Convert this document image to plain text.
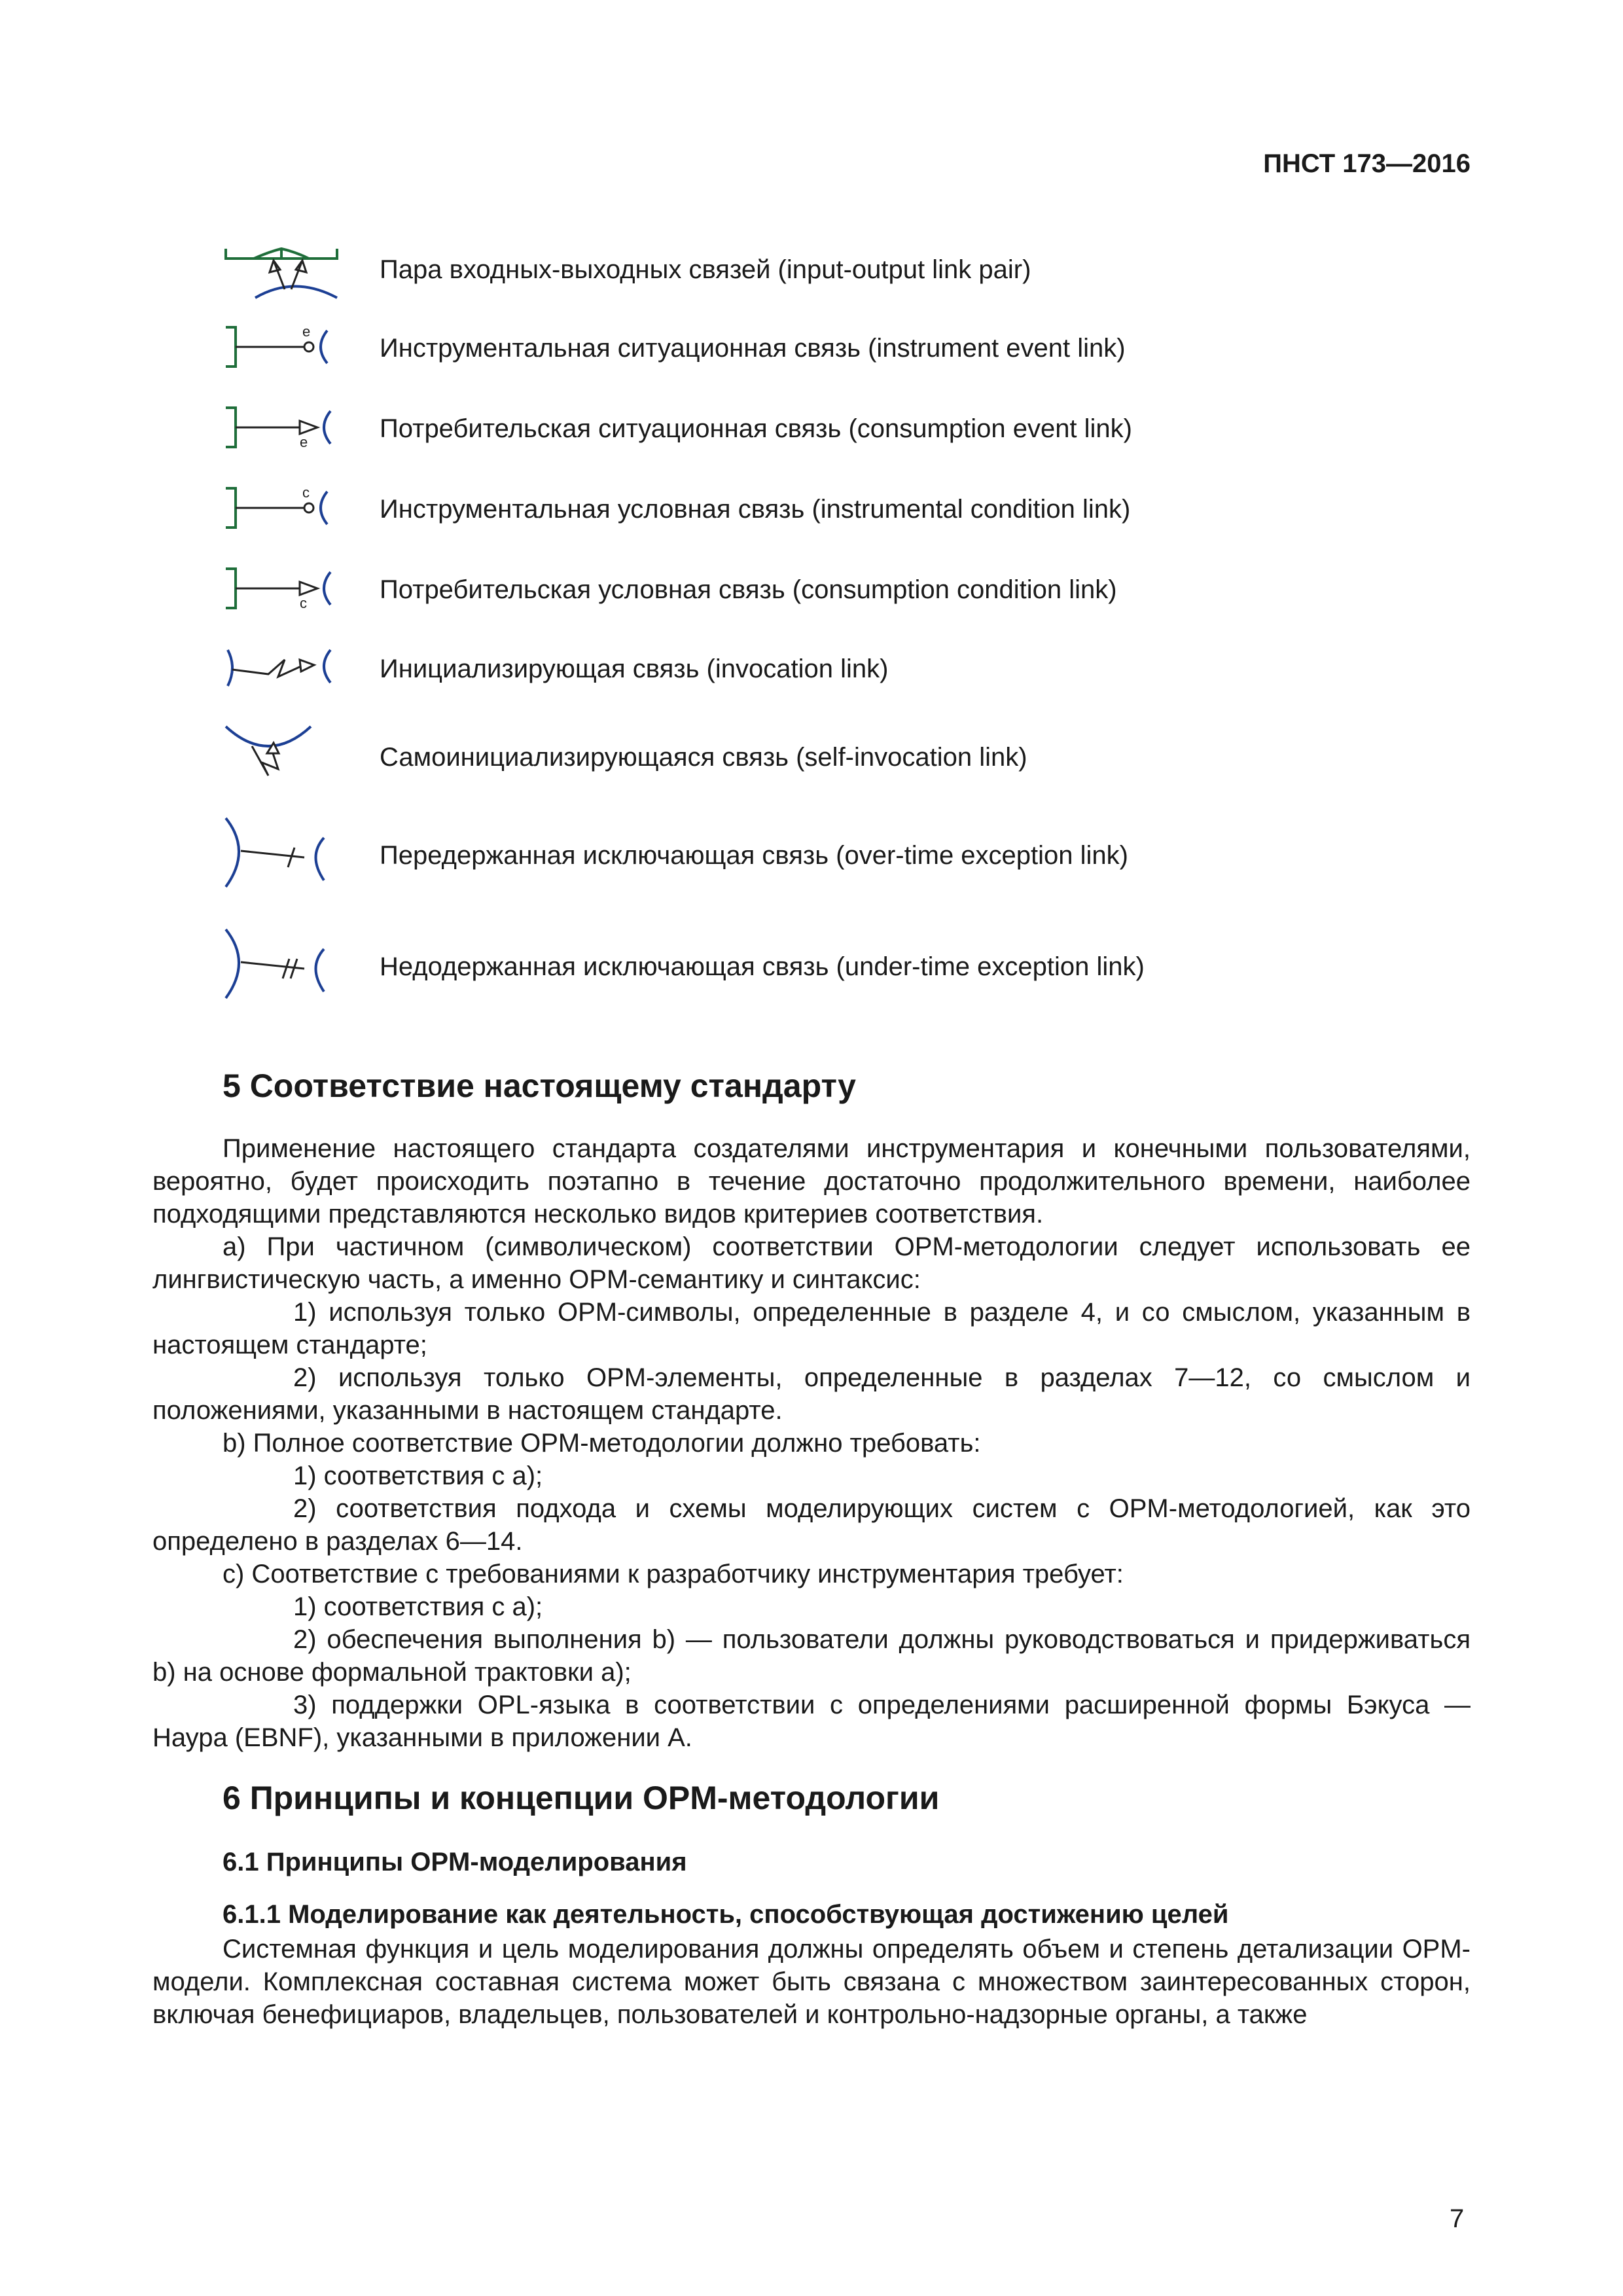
ПНСТ 173—2016
Пара входных-выходных связей (input-output link pair)
e
Инструментальная ситуационная связь (instrument event link)
e	Потребительская ситуационная связь (consumption event link)
c
Инструментальная условная связь (instrumental condition link)
c	Потребительская условная связь (consumption condition link)
Инициализирующая связь (invocation link)
Самоинициализирующаяся связь (self-invocation link)
Передержанная исключающая связь (over-time exception link)
Недодержанная исключающая связь (under-time exception link)
5 Соответствие настоящему стандарту
Применение настоящего стандарта создателями инструментария и конечными пользователями, вероятно, будет происходить поэтапно в течение достаточно продолжительного времени, наиболее подходящими представляются несколько видов критериев соответствия.
a) При частичном (символическом) соответствии OPM-методологии следует использовать ее лингвистическую часть, а именно OPM-семантику и синтаксис:
1) используя только OPM-символы, определенные в разделе 4, и со смыслом, указанным в настоящем стандарте;
2) используя только OPM-элементы, определенные в разделах 7—12, со смыслом и положениями, указанными в настоящем стандарте.
b) Полное соответствие OPM-методологии должно требовать:
1) соответствия с а);
2) соответствия подхода и схемы моделирующих систем с OPM-методологией, как это определено в разделах 6—14.
c) Соответствие с требованиями к разработчику инструментария требует:
1) соответствия с а);
2) обеспечения выполнения b) — пользователи должны руководствоваться и придерживаться b) на основе формальной трактовки а);
3) поддержки OPL-языка в соответствии с определениями расширенной формы Бэкуса — Наура (EBNF), указанными в приложении А.
6 Принципы и концепции OPM-методологии
6.1 Принципы OPM-моделирования
6.1.1 Моделирование как деятельность, способствующая достижению целей
Системная функция и цель моделирования должны определять объем и степень детализации OPM-модели. Комплексная составная система может быть связана с множеством заинтересованных сторон, включая бенефициаров, владельцев, пользователей и контрольно-надзорные органы, а также
7
